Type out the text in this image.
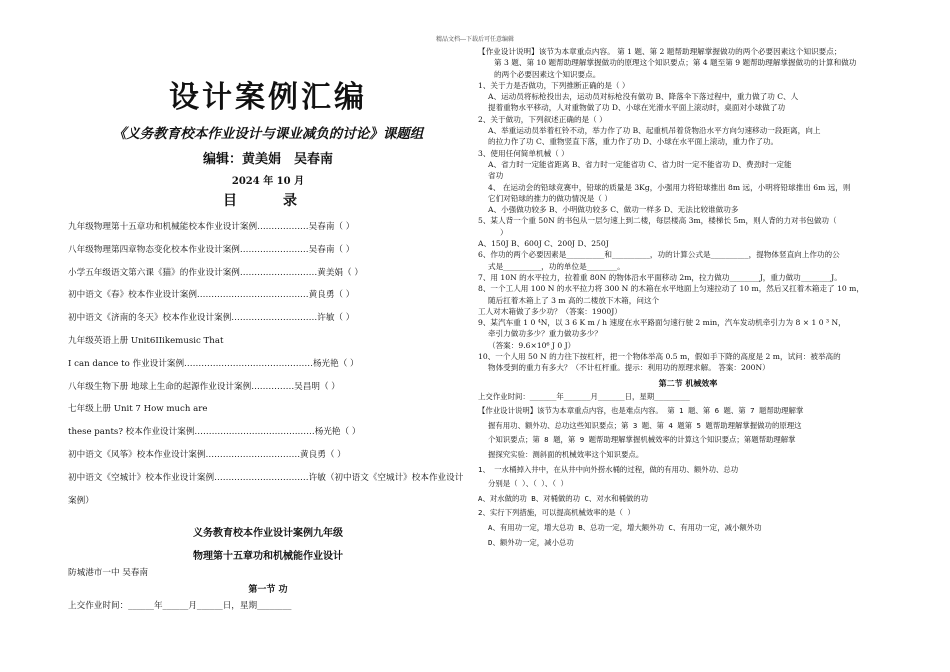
精品文档---下载后可任意编辑
设计案例汇编
《义务教育校本作业设计与课业减负的讨论》课题组
编辑：黄美娟　吴春南
2024 年 10 月
目　录
九年级物理第十五章功和机械能校本作业设计案例………………吴春南（ ）
八年级物理第四章物态变化校本作业设计案例……………………吴春南（ ）
小学五年级语文第六课《猫》的作业设计案例………………………黄美娟（ ）
初中语文《春》校本作业设计案例…………………………………黄良勇（ ）
初中语文《济南的冬天》校本作业设计案例…………………………许敏（ ）
九年级英语上册 Unit6IIikemusic That
I can dance to 作业设计案例………………………………………杨光艳（ ）
八年级生物下册 地球上生命的起源作业设计案例……………吴昌明（ ）
七年级上册 Unit 7 How much are
these pants? 校本作业设计案例……………………………………杨光艳（ ）
初中语文《风筝》校本作业设计案例……………………………黄良勇（ ）
初中语文《空城计》校本作业设计案例……………………………许敏（初中语文《空城计》校本作业设计案例）
义务教育校本作业设计案例九年级
物理第十五章功和机械能作业设计
防城港市一中 吴春南
第一节 功
上交作业时间：______年______月______日，星期________
【作业设计说明】该节为本章重点内容。 第 1 题、第 2 题帮助理解掌握做功的两个必要因素这个知识要点；
第 3 题、第 10 题帮助理解掌握做功的原理这个知识要点；第 4 题至第 9 题帮助理解掌握做功的计算和做功
的两个必要因素这个知识要点。
1、关于力是否做功，下列推断正确的是（ ）
A、运动员将标枪投出去，运动员对标枪没有做功 B、降落伞下落过程中，重力做了功 C、人
提着重物水平移动，人对重物做了功 D、小球在光滑水平面上滚动时，桌面对小球做了功
2、关于做功，下列叙述正确的是（ ）
A、举重运动员举着杠铃不动，举力作了功 B、起重机吊着货物沿水平方向匀速移动一段距离，向上
的拉力作了功 C、重物竖直下落，重力作了功 D、小球在水平面上滚动，重力作了功。
3、使用任何简单机械（ ）
A、省力时一定能省距离 B、省力时一定能省功 C、省力时一定不能省功 D、费劲时一定能
省功
4、 在运动会的铅球竞赛中，铅球的质量是 3Kg，小强用力将铅球推出 8m 远，小明将铅球推出 6m 远，则
它们对铅球的推力的做功情况是（ ）
A、小强做功较多 B、小明做功较多 C、做功一样多 D、无法比较谁做功多
5、某人背一个重 50N 的书包从一层匀速上到二楼，每层楼高 3m，楼梯长 5m，则人背的力对书包做功（
）
A、150J B、600J C、200J D、250J
6、作功的两个必要因素是__________和__________，功的计算公式是__________，提物体竖直向上作功的公
式是__________，功的单位是________。
7、用 10N 的水平拉力，拉着重 80N 的物体沿水平面移动 2m，拉力做功________J，重力做功________J。
8、一个工人用 100 N 的水平拉力将 300 N 的木箱在水平地面上匀速拉动了 10 m，然后又扛着木箱走了 10 m，
随后扛着木箱上了 3 m 高的二楼放下木箱，问这个
工人对木箱做了多少功？（答案：1900J）
9、某汽车重 1 0 ⁴N，以 3 6 K m / h 速度在水平路面匀速行驶 2 min，汽车发动机牵引力为 8 × 1 0 ³ N，
牵引力做功多少？重力做功多少？
（答案：9.6×10⁶ J 0 J）
10、一个人用 50 N 的力往下按杠杆，把一个物体举高 0.5 m，假如手下降的高度是 2 m，试问：被举高的
物体受到的重力有多大？（不计杠杆重。提示：利用功的原理求解。 答案：200N）
第二节 机械效率
上交作业时间：______年______月______日，星期________
【作业设计说明】该节为本章重点内容，也是难点内容。 第 1 题、第 6 题、第 7 题帮助理解掌
握有用功、额外功、总功这些知识要点；第 3 题、第 4 题第 5 题帮助理解掌握做功的原理这
个知识要点；第 8 题，第 9 题帮助理解掌握机械效率的计算这个知识要点；第题帮助理解掌
握探究实验：测斜面的机械效率这个知识要点。
1、 一水桶掉入井中，在从井中向外捞水桶的过程，做的有用功、额外功、总功
分别是（ ）、（ ）、（ ）
A、对水做的功 B、对桶做的功 C、对水和桶做的功
2、实行下列措施，可以提高机械效率的是（ ）
A、有用功一定，增大总功 B、总功一定，增大额外功 C、有用功一定，减小额外功
D、额外功一定，减小总功
